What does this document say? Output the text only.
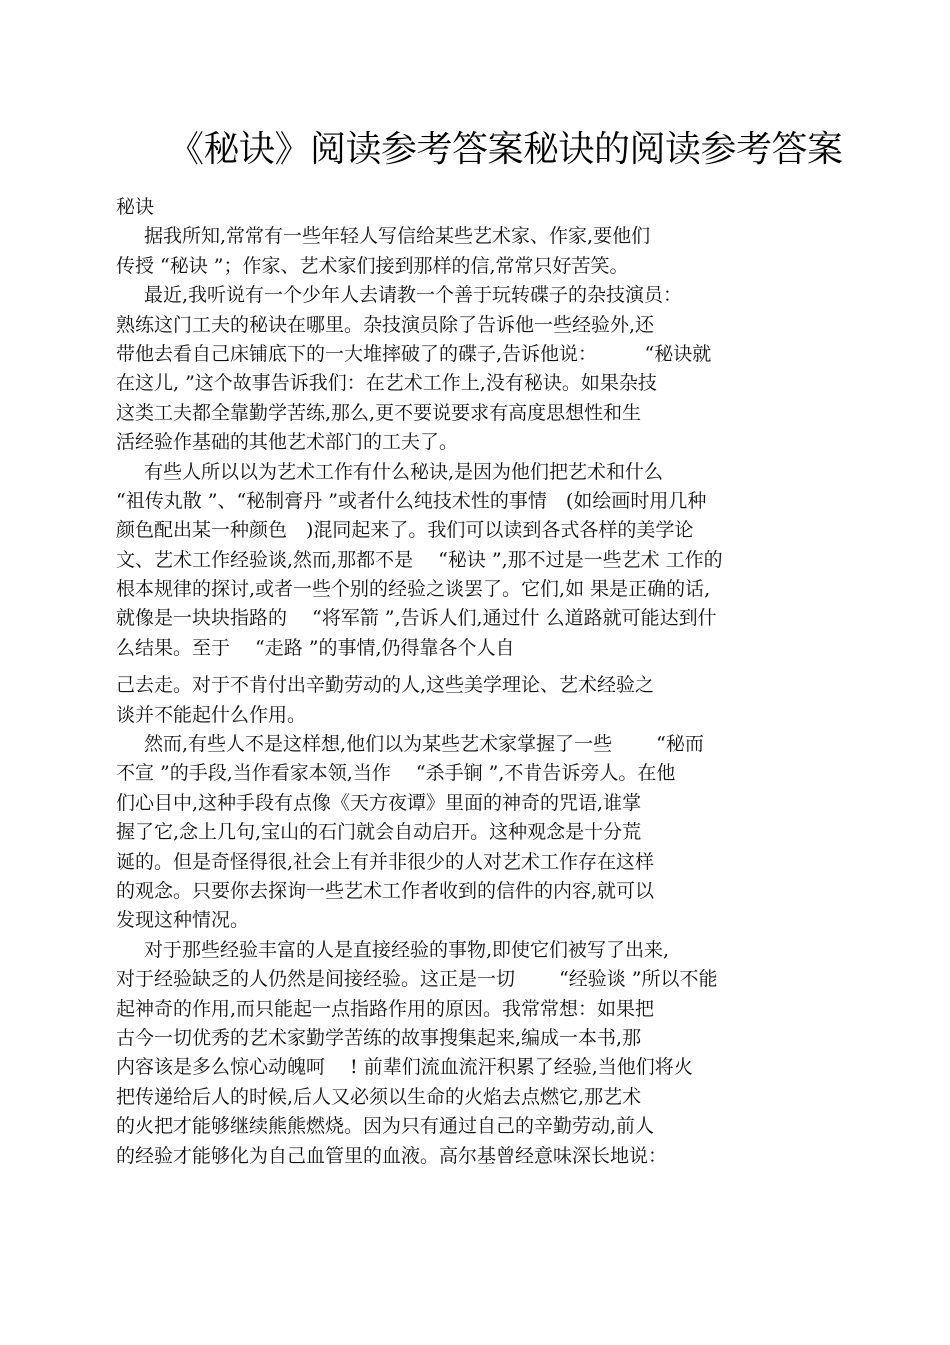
《秘诀》阅读参考答案秘诀的阅读参考答案
秘诀
据我所知,常常有一些年轻人写信给某些艺术家、作家,要他们
传授 “秘诀 ”；作家、艺术家们接到那样的信,常常只好苦笑。
最近,我听说有一个少年人去请教一个善于玩转碟子的杂技演员：
熟练这门工夫的秘诀在哪里。杂技演员除了告诉他一些经验外,还
带他去看自己床铺底下的一大堆摔破了的碟子,告诉他说：　　　“秘诀就
在这儿, ”这个故事告诉我们：在艺术工作上,没有秘诀。如果杂技
这类工夫都全靠勤学苦练,那么,更不要说要求有高度思想性和生
活经验作基础的其他艺术部门的工夫了。
有些人所以以为艺术工作有什么秘诀,是因为他们把艺术和什么
“祖传丸散 ”、“秘制膏丹 ”或者什么纯技术性的事情　(如绘画时用几种
颜色配出某一种颜色　)混同起来了。我们可以读到各式各样的美学论
文、艺术工作经验谈,然而,那都不是　 “秘诀 ”,那不过是一些艺术 工作的
根本规律的探讨,或者一些个别的经验之谈罢了。它们,如 果是正确的话,
就像是一块块指路的　 “将军箭 ”,告诉人们,通过什 么道路就可能达到什
么结果。至于　 “走路 ”的事情,仍得靠各个人自
己去走。对于不肯付出辛勤劳动的人,这些美学理论、艺术经验之
谈并不能起什么作用。
然而,有些人不是这样想,他们以为某些艺术家掌握了一些　　 “秘而
不宣 ”的手段,当作看家本领,当作　 “杀手锏 ”,不肯告诉旁人。在他
们心目中,这种手段有点像《天方夜谭》里面的神奇的咒语,谁掌
握了它,念上几句,宝山的石门就会自动启开。这种观念是十分荒
诞的。但是奇怪得很,社会上有并非很少的人对艺术工作存在这样
的观念。只要你去探询一些艺术工作者收到的信件的内容,就可以
发现这种情况。
对于那些经验丰富的人是直接经验的事物,即使它们被写了出来,
对于经验缺乏的人仍然是间接经验。这正是一切　　 “经验谈 ”所以不能
起神奇的作用,而只能起一点指路作用的原因。我常常想：如果把
古今一切优秀的艺术家勤学苦练的故事搜集起来,编成一本书,那
内容该是多么惊心动魄呵　 ! 前辈们流血流汗积累了经验,当他们将火
把传递给后人的时候,后人又必须以生命的火焰去点燃它,那艺术
的火把才能够继续熊熊燃烧。因为只有通过自己的辛勤劳动,前人
的经验才能够化为自己血管里的血液。高尔基曾经意味深长地说：
